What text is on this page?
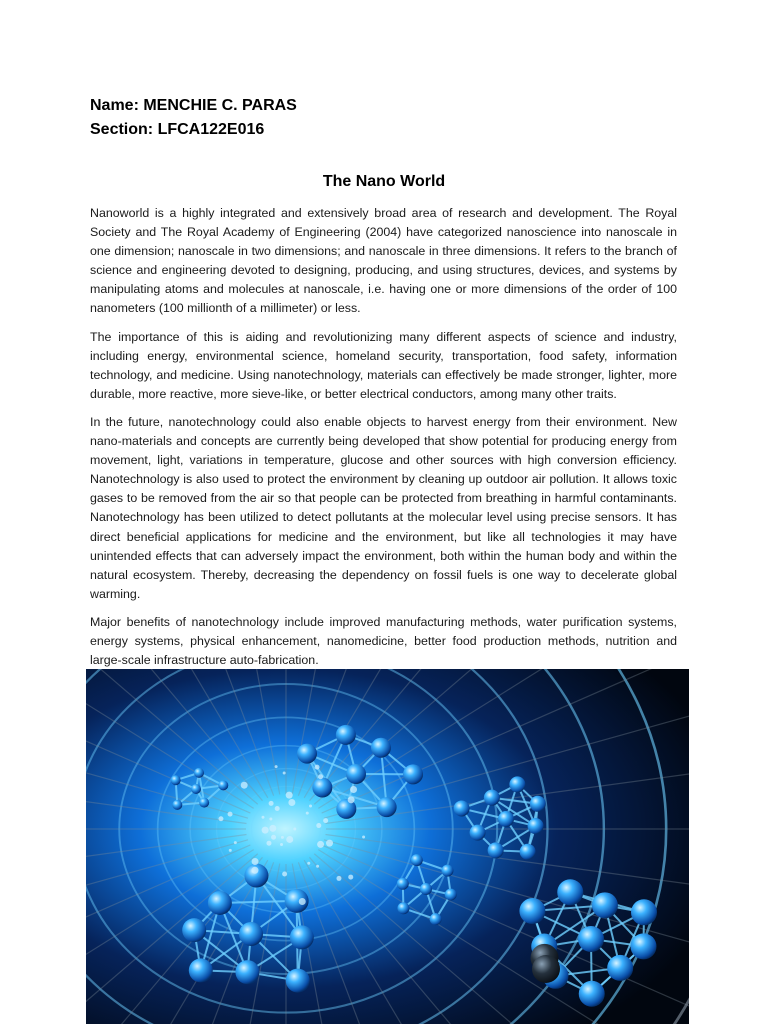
Name: MENCHIE C. PARAS
Section: LFCA122E016
The Nano World

Nanoworld is a highly integrated and extensively broad area of research and development. The Royal Society and The Royal Academy of Engineering (2004) have categorized nanoscience into nanoscale in one dimension; nanoscale in two dimensions; and nanoscale in three dimensions. It refers to the branch of science and engineering devoted to designing, producing, and using structures, devices, and systems by manipulating atoms and molecules at nanoscale, i.e. having one or more dimensions of the order of 100 nanometers (100 millionth of a millimeter) or less.

The importance of this is aiding and revolutionizing many different aspects of science and industry, including energy, environmental science, homeland security, transportation, food safety, information technology, and medicine. Using nanotechnology, materials can effectively be made stronger, lighter, more durable, more reactive, more sieve-like, or better electrical conductors, among many other traits.

In the future, nanotechnology could also enable objects to harvest energy from their environment. New nano-materials and concepts are currently being developed that show potential for producing energy from movement, light, variations in temperature, glucose and other sources with high conversion efficiency. Nanotechnology is also used to protect the environment by cleaning up outdoor air pollution. It allows toxic gases to be removed from the air so that people can be protected from breathing in harmful contaminants. Nanotechnology has been utilized to detect pollutants at the molecular level using precise sensors. It has direct beneficial applications for medicine and the environment, but like all technologies it may have unintended effects that can adversely impact the environment, both within the human body and within the natural ecosystem. Thereby, decreasing the dependency on fossil fuels is one way to decelerate global warming.

Major benefits of nanotechnology include improved manufacturing methods, water purification systems, energy systems, physical enhancement, nanomedicine, better food production methods, nutrition and large-scale infrastructure auto-fabrication.
